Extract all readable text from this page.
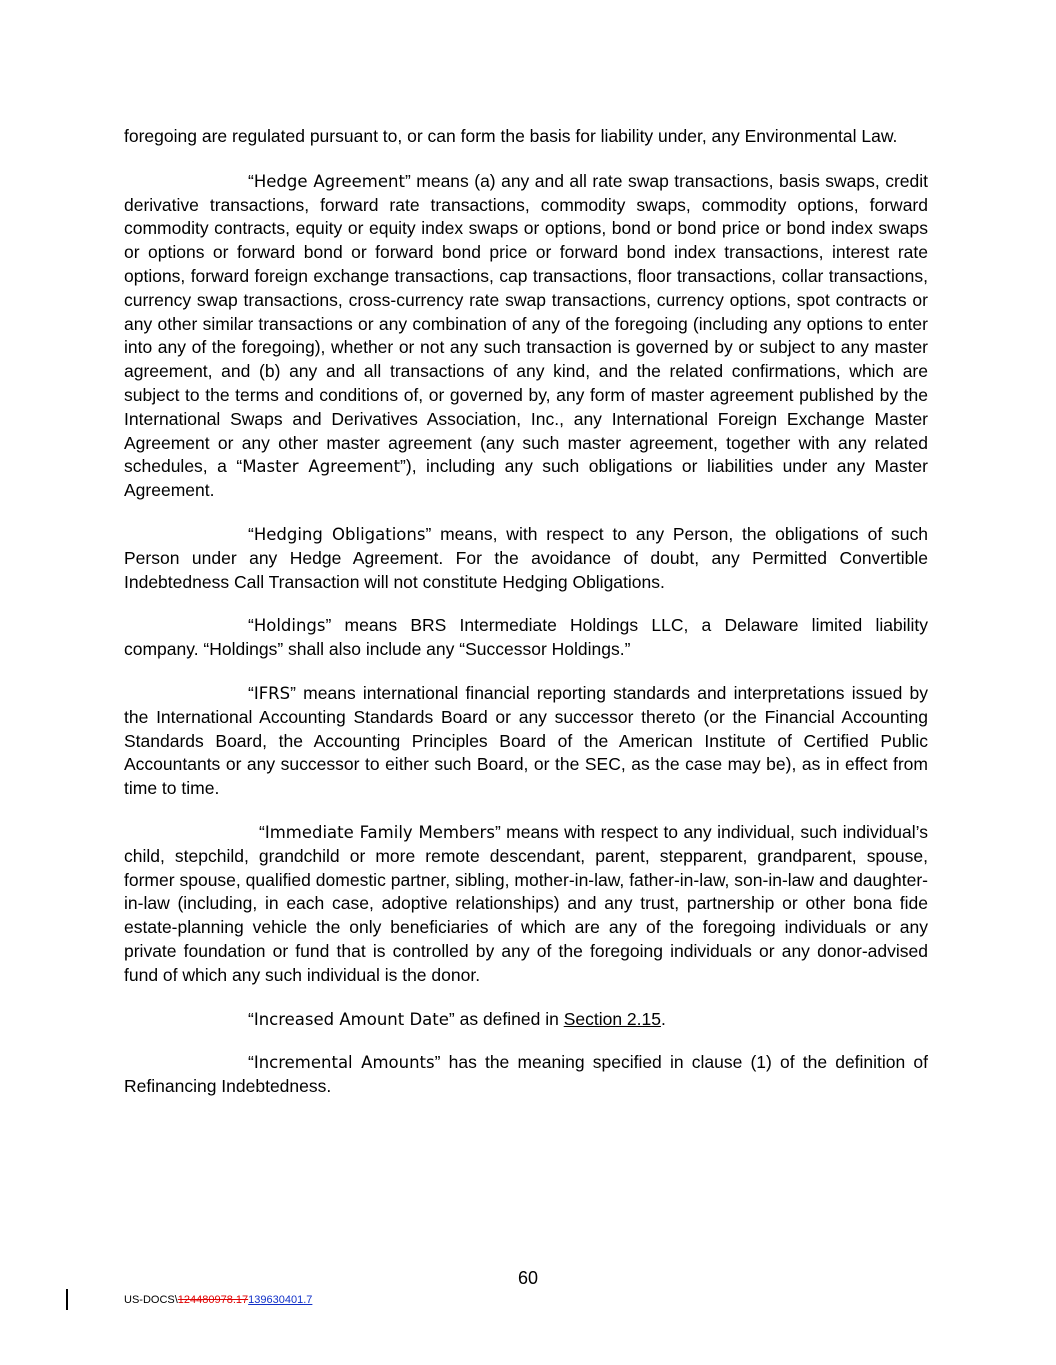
foregoing are regulated pursuant to, or can form the basis for liability under, any Environmental Law.

“Hedge Agreement” means (a) any and all rate swap transactions, basis swaps, credit derivative transactions, forward rate transactions, commodity swaps, commodity options, forward commodity contracts, equity or equity index swaps or options, bond or bond price or bond index swaps or options or forward bond or forward bond price or forward bond index transactions, interest rate options, forward foreign exchange transactions, cap transactions, floor transactions, collar transactions, currency swap transactions, cross-currency rate swap transactions, currency options, spot contracts or any other similar transactions or any combination of any of the foregoing (including any options to enter into any of the foregoing), whether or not any such transaction is governed by or subject to any master agreement, and (b) any and all transactions of any kind, and the related confirmations, which are subject to the terms and conditions of, or governed by, any form of master agreement published by the International Swaps and Derivatives Association, Inc., any International Foreign Exchange Master Agreement or any other master agreement (any such master agreement, together with any related schedules, a “Master Agreement”), including any such obligations or liabilities under any Master Agreement.

“Hedging Obligations” means, with respect to any Person, the obligations of such Person under any Hedge Agreement. For the avoidance of doubt, any Permitted Convertible Indebtedness Call Transaction will not constitute Hedging Obligations.

“Holdings” means BRS Intermediate Holdings LLC, a Delaware limited liability company. “Holdings” shall also include any “Successor Holdings.”

“IFRS” means international financial reporting standards and interpretations issued by the International Accounting Standards Board or any successor thereto (or the Financial Accounting Standards Board, the Accounting Principles Board of the American Institute of Certified Public Accountants or any successor to either such Board, or the SEC, as the case may be), as in effect from time to time.

“Immediate Family Members” means with respect to any individual, such individual’s child, stepchild, grandchild or more remote descendant, parent, stepparent, grandparent, spouse, former spouse, qualified domestic partner, sibling, mother-in-law, father-in-law, son-in-law and daughter-in-law (including, in each case, adoptive relationships) and any trust, partnership or other bona fide estate-planning vehicle the only beneficiaries of which are any of the foregoing individuals or any private foundation or fund that is controlled by any of the foregoing individuals or any donor-advised fund of which any such individual is the donor.

“Increased Amount Date” as defined in Section 2.15.

“Incremental Amounts” has the meaning specified in clause (1) of the definition of Refinancing Indebtedness.

60
US-DOCS\124480978.17139630401.7
